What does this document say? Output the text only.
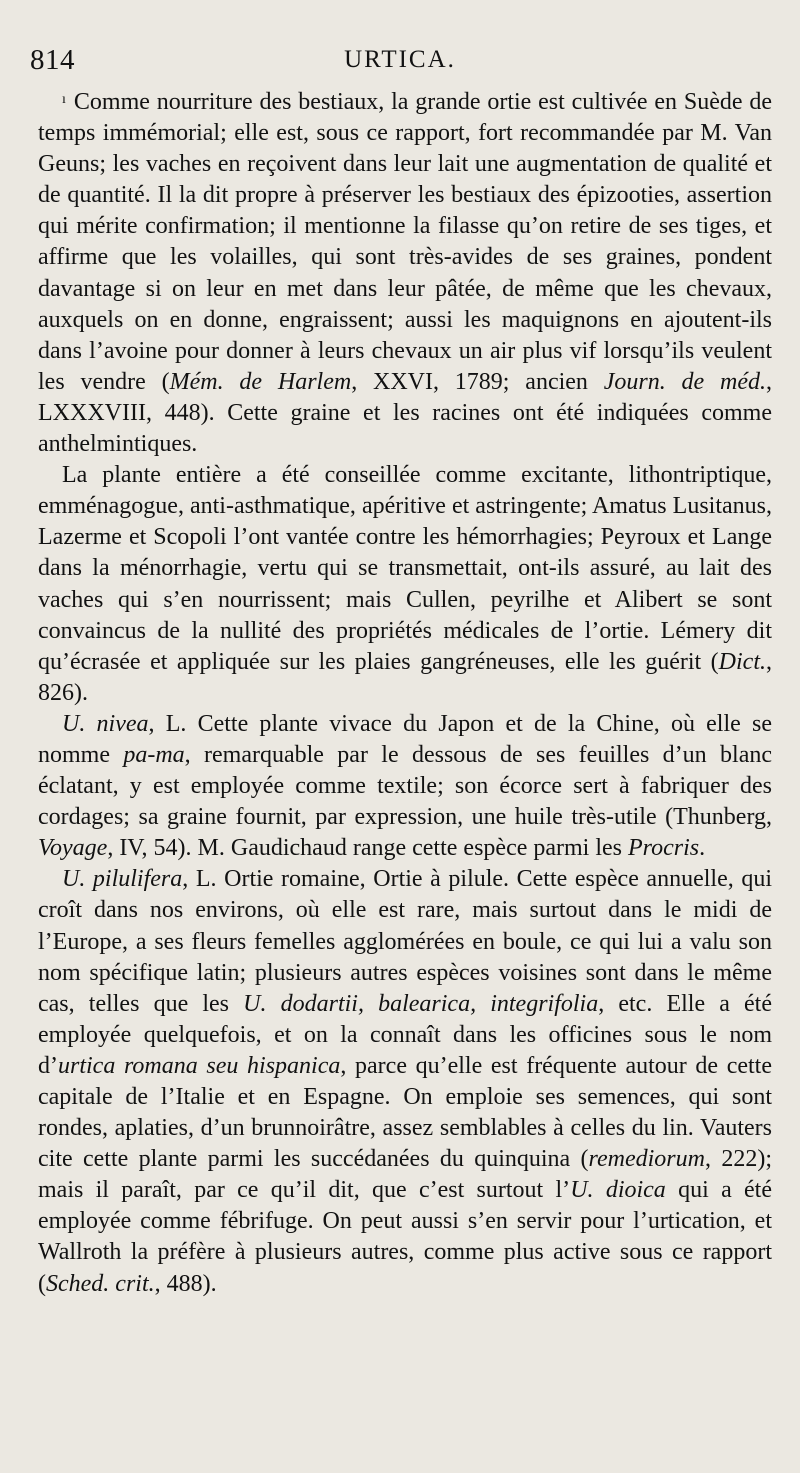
814	URTICA.

$^ı$ Comme nourriture des bestiaux, la grande ortie est cultivée en Suède de temps immémorial; elle est, sous ce rapport, fort recommandée par M. Van Geuns; les vaches en reçoivent dans leur lait une augmentation de qualité et de quantité. Il la dit propre à préserver les bestiaux des épizooties, assertion qui mérite confirmation; il mentionne la filasse qu’on retire de ses tiges, et affirme que les volailles, qui sont très-avides de ses graines, pondent davantage si on leur en met dans leur pâtée, de même que les chevaux, auxquels on en donne, engraissent; aussi les maquignons en ajoutent-ils dans l’avoine pour donner à leurs chevaux un air plus vif lorsqu’ils veulent les vendre (Mém. de Harlem, XXVI, 1789; ancien Journ. de méd., LXXXVIII, 448). Cette graine et les racines ont été indiquées comme anthelmintiques.

La plante entière a été conseillée comme excitante, lithontriptique, emménagogue, anti-asthmatique, apéritive et astringente; Amatus Lusitanus, Lazerme et Scopoli l’ont vantée contre les hémorrhagies; Peyroux et Lange dans la ménorrhagie, vertu qui se transmettait, ont-ils assuré, au lait des vaches qui s’en nourrissent; mais Cullen, peyrilhe et Alibert se sont convaincus de la nullité des propriétés médicales de l’ortie. Lémery dit qu’écrasée et appliquée sur les plaies gangréneuses, elle les guérit (Dict., 826).

U. nivea, L. Cette plante vivace du Japon et de la Chine, où elle se nomme pa-ma, remarquable par le dessous de ses feuilles d’un blanc éclatant, y est employée comme textile; son écorce sert à fabriquer des cordages; sa graine fournit, par expression, une huile très-utile (Thunberg, Voyage, IV, 54). M. Gaudichaud range cette espèce parmi les Procris.

U. pilulifera, L. Ortie romaine, Ortie à pilule. Cette espèce annuelle, qui croît dans nos environs, où elle est rare, mais surtout dans le midi de l’Europe, a ses fleurs femelles agglomérées en boule, ce qui lui a valu son nom spécifique latin; plusieurs autres espèces voisines sont dans le même cas, telles que les U. dodartii, balearica, integrifolia, etc. Elle a été employée quelquefois, et on la connaît dans les officines sous le nom d’urtica romana seu hispanica, parce qu’elle est fréquente autour de cette capitale de l’Italie et en Espagne. On emploie ses semences, qui sont rondes, aplaties, d’un brunnoirâtre, assez semblables à celles du lin. Vauters cite cette plante parmi les succédanées du quinquina (remediorum, 222); mais il paraît, par ce qu’il dit, que c’est surtout l’U. dioica qui a été employée comme fébrifuge. On peut aussi s’en servir pour l’urtication, et Wallroth la préfère à plusieurs autres, comme plus active sous ce rapport (Sched. crit., 488).
